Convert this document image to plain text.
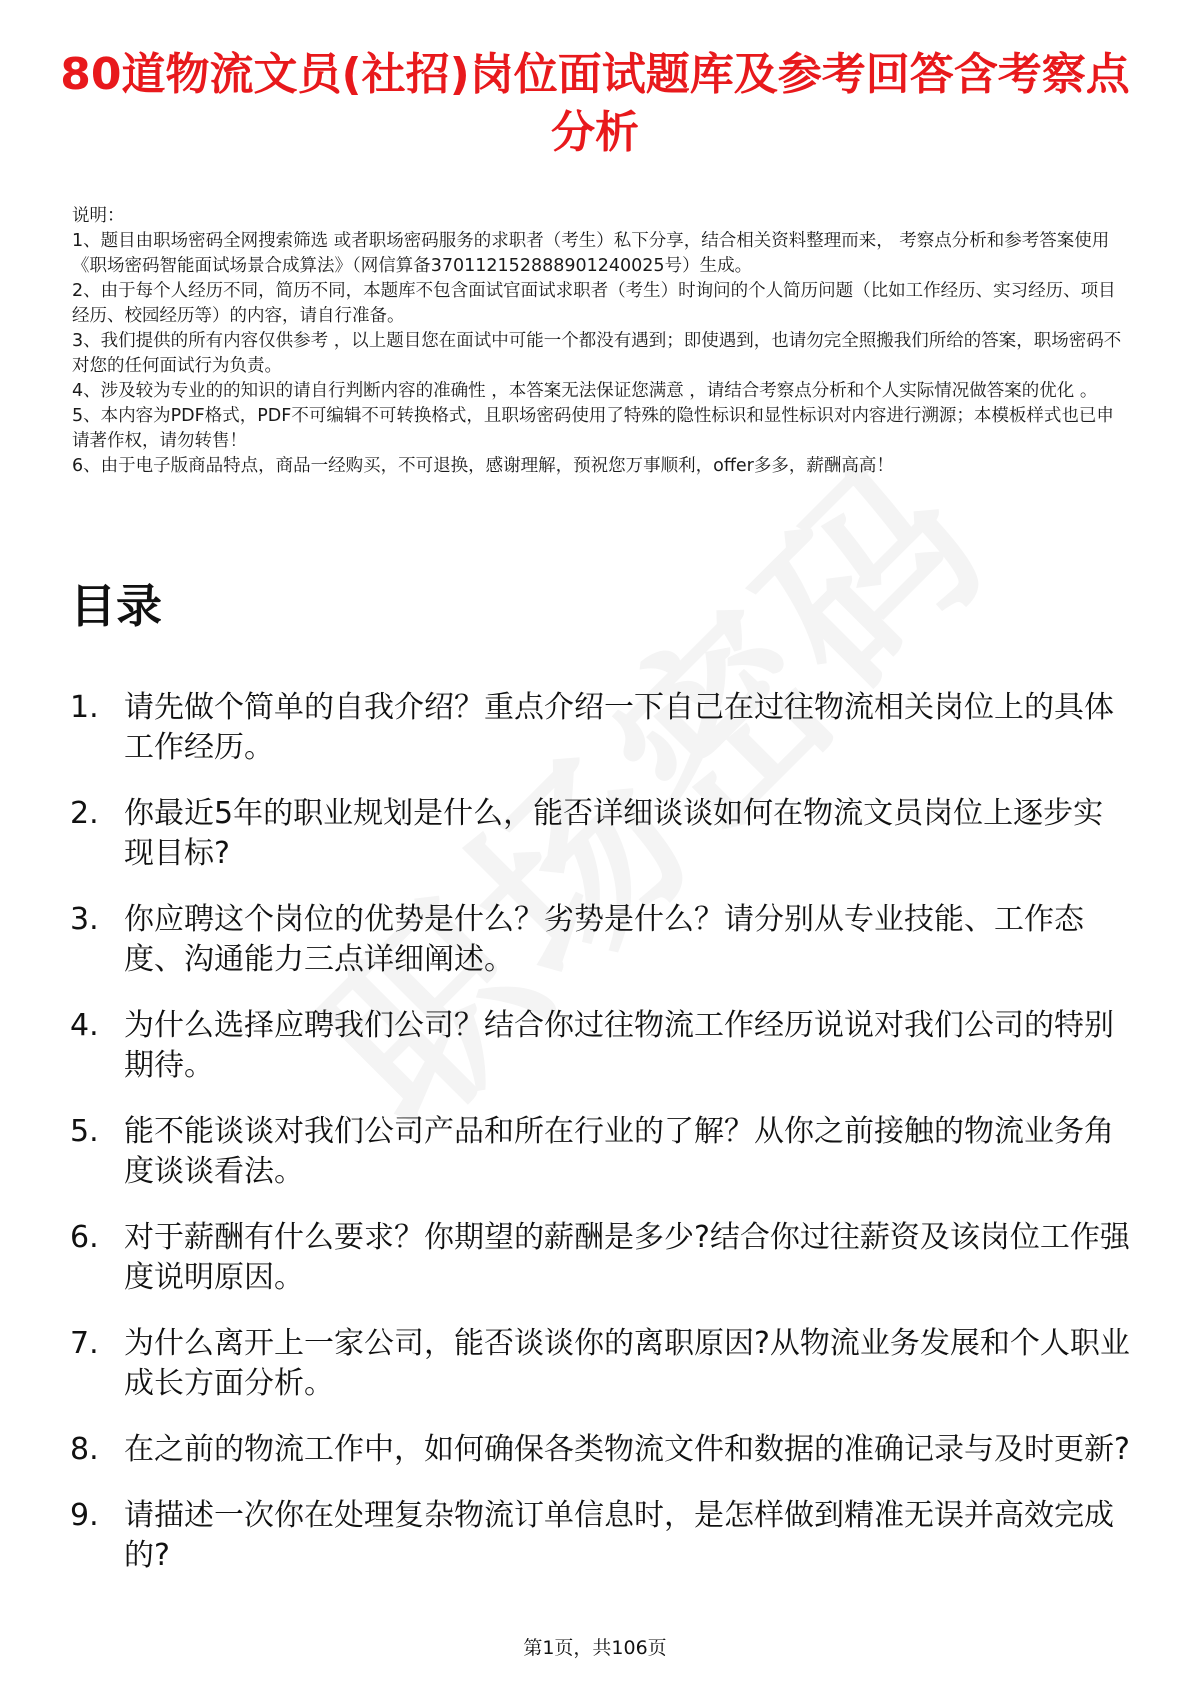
80道物流文员(社招)岗位面试题库及参考回答含考察点分析

说明：

1、题目由职场密码全网搜索筛选 或者职场密码服务的求职者（考生）私下分享，结合相关资料整理而来， 考察点分析和参考答案使用《职场密码智能面试场景合成算法》（网信算备370112152888901240025号）生成。

2、由于每个人经历不同，简历不同，本题库不包含面试官面试求职者（考生）时询问的个人简历问题（比如工作经历、实习经历、项目经历、校园经历等）的内容，请自行准备。

3、我们提供的所有内容仅供参考 ，以上题目您在面试中可能一个都没有遇到；即使遇到，也请勿完全照搬我们所给的答案，职场密码不对您的任何面试行为负责。

4、涉及较为专业的的知识的请自行判断内容的准确性 ，本答案无法保证您满意 ，请结合考察点分析和个人实际情况做答案的优化 。

5、本内容为PDF格式，PDF不可编辑不可转换格式，且职场密码使用了特殊的隐性标识和显性标识对内容进行溯源；本模板样式也已申请著作权，请勿转售！

6、由于电子版商品特点，商品一经购买，不可退换，感谢理解，预祝您万事顺利，offer多多，薪酬高高！

目录
1. 请先做个简单的自我介绍？重点介绍一下自己在过往物流相关岗位上的具体工作经历。
2. 你最近5年的职业规划是什么，能否详细谈谈如何在物流文员岗位上逐步实现目标?
3. 你应聘这个岗位的优势是什么？劣势是什么？请分别从专业技能、工作态度、沟通能力三点详细阐述。
4. 为什么选择应聘我们公司？结合你过往物流工作经历说说对我们公司的特别期待。
5. 能不能谈谈对我们公司产品和所在行业的了解？从你之前接触的物流业务角度谈谈看法。
6. 对于薪酬有什么要求？你期望的薪酬是多少?结合你过往薪资及该岗位工作强度说明原因。
7. 为什么离开上一家公司，能否谈谈你的离职原因?从物流业务发展和个人职业成长方面分析。
8. 在之前的物流工作中，如何确保各类物流文件和数据的准确记录与及时更新?
9. 请描述一次你在处理复杂物流订单信息时，是怎样做到精准无误并高效完成的?
第1页，共106页
